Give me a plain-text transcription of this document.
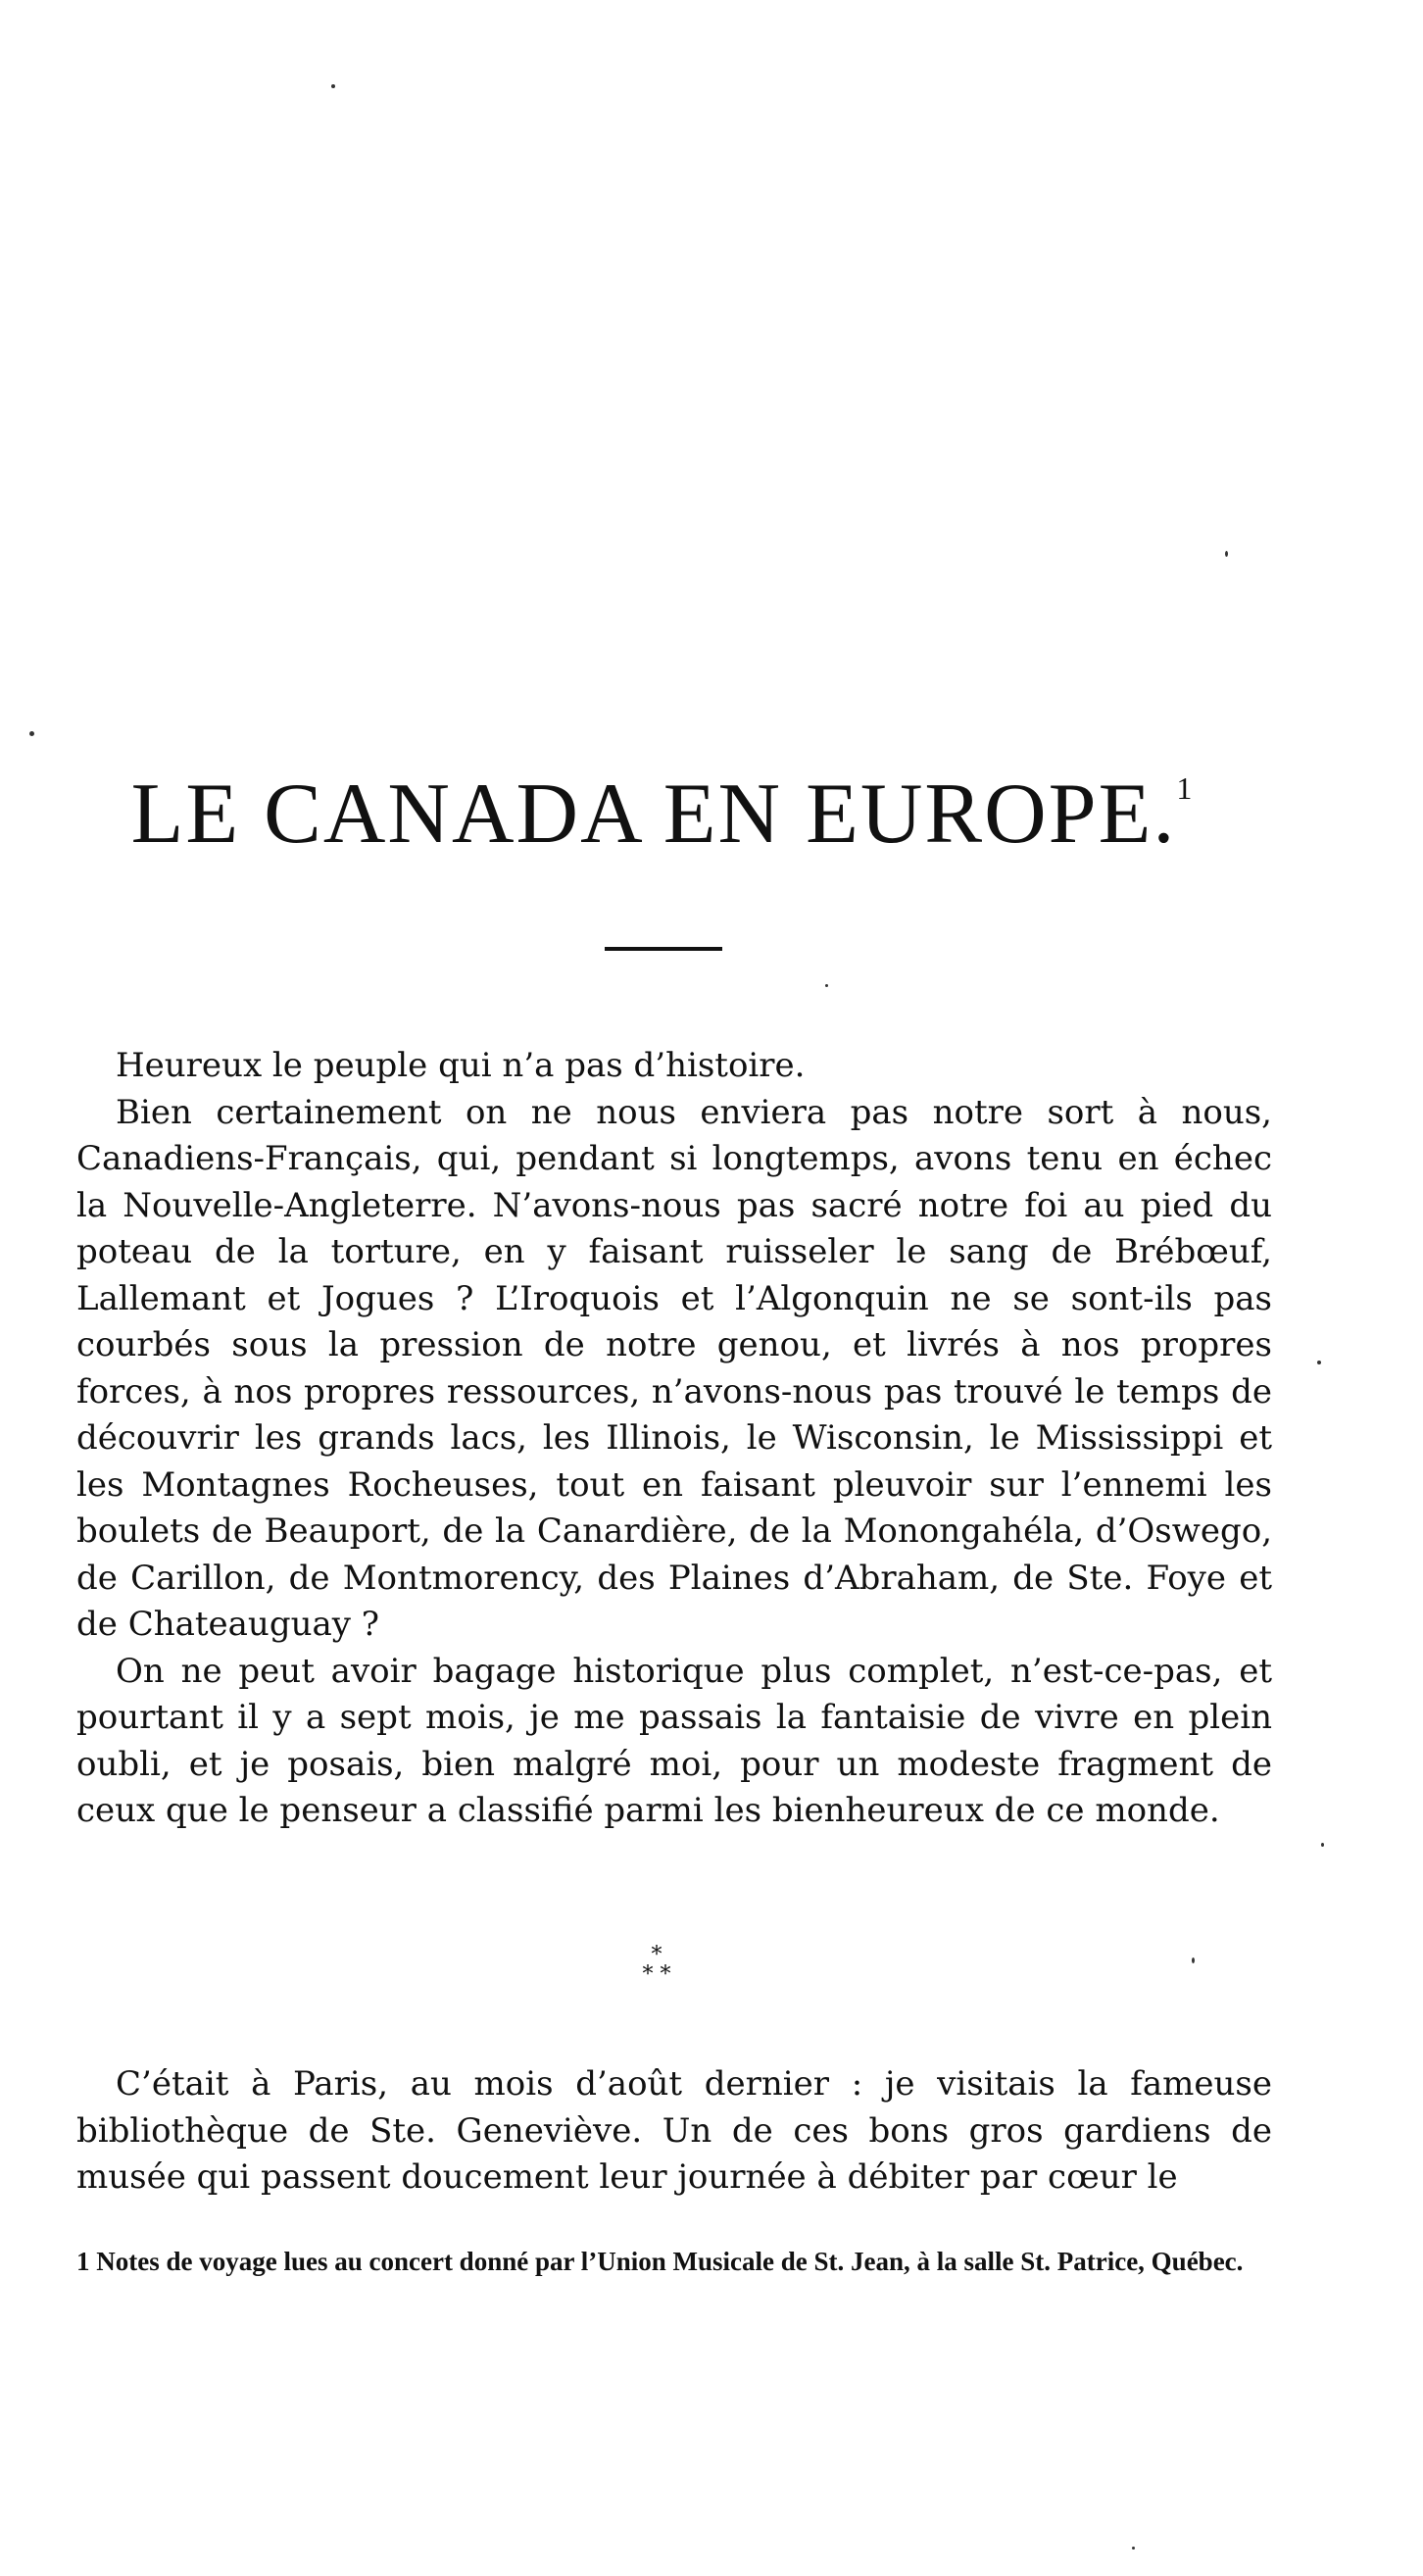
LE CANADA EN EUROPE.$^1$

Heureux le peuple qui n’a pas d’histoire.

Bien certainement on ne nous enviera pas notre sort à nous, Canadiens-Français, qui, pendant si longtemps, avons tenu en échec la Nouvelle-Angleterre. N’avons-nous pas sacré notre foi au pied du poteau de la torture, en y faisant ruisseler le sang de Brébœuf, Lallemant et Jogues ? L’Iroquois et l’Algonquin ne se sont-ils pas courbés sous la pression de notre genou, et livrés à nos propres forces, à nos propres ressources, n’avons-nous pas trouvé le temps de découvrir les grands lacs, les Illinois, le Wisconsin, le Mississippi et les Montagnes Rocheuses, tout en faisant pleuvoir sur l’ennemi les boulets de Beauport, de la Canardière, de la Monongahéla, d’Oswego, de Carillon, de Montmorency, des Plaines d’Abraham, de Ste. Foye et de Chateauguay ?

On ne peut avoir bagage historique plus complet, n’est-ce-pas, et pourtant il y a sept mois, je me passais la fantaisie de vivre en plein oubli, et je posais, bien malgré moi, pour un modeste fragment de ceux que le penseur a classifié parmi les bienheureux de ce monde.

*
* *

C’était à Paris, au mois d’août dernier : je visitais la fameuse bibliothèque de Ste. Geneviève. Un de ces bons gros gardiens de musée qui passent doucement leur journée à débiter par cœur le

1 Notes de voyage lues au concert donné par l’Union Musicale de St. Jean, à la salle St. Patrice, Québec.
